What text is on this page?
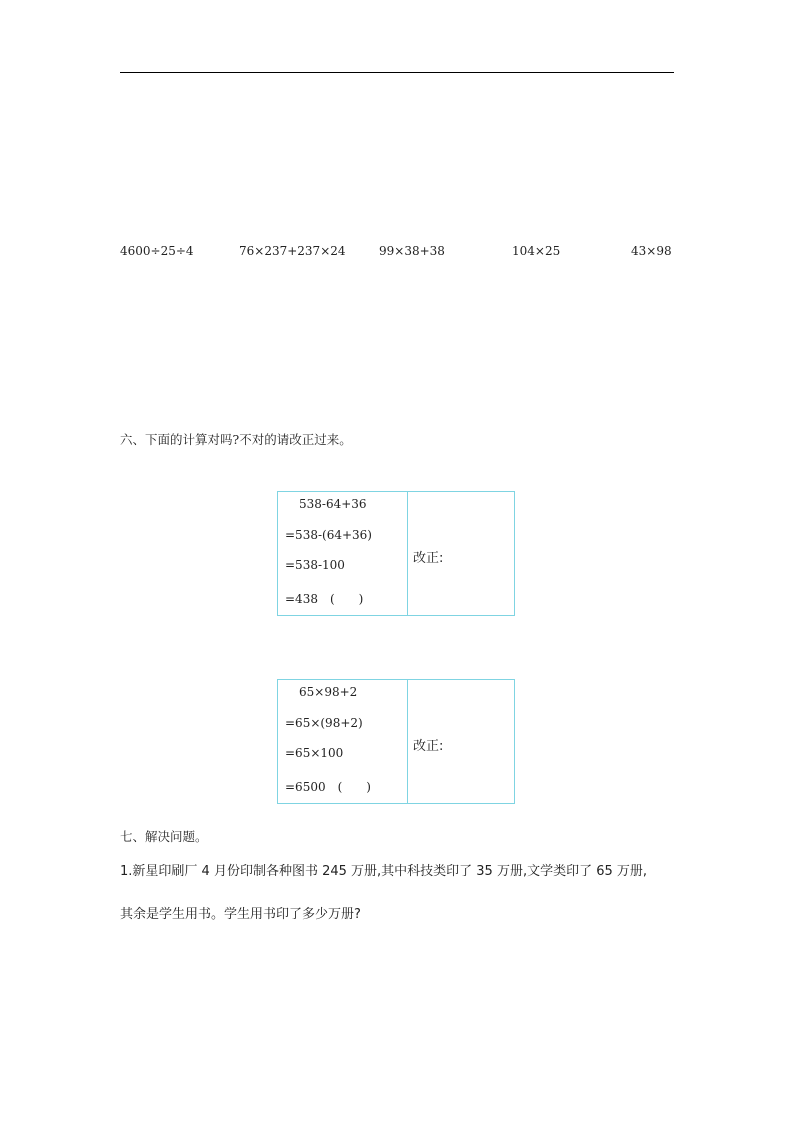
4600÷25÷4	76×237+237×24	99×38+38	104×25	43×98
六、下面的计算对吗?不对的请改正过来。
538-64+36
=538-(64+36)
=538-100
=438　(　　)
改正:
65×98+2
=65×(98+2)
=65×100
=6500　(　　)
改正:
七、解决问题。
1.新星印刷厂 4 月份印制各种图书 245 万册,其中科技类印了 35 万册,文学类印了 65 万册,
其余是学生用书。学生用书印了多少万册?
